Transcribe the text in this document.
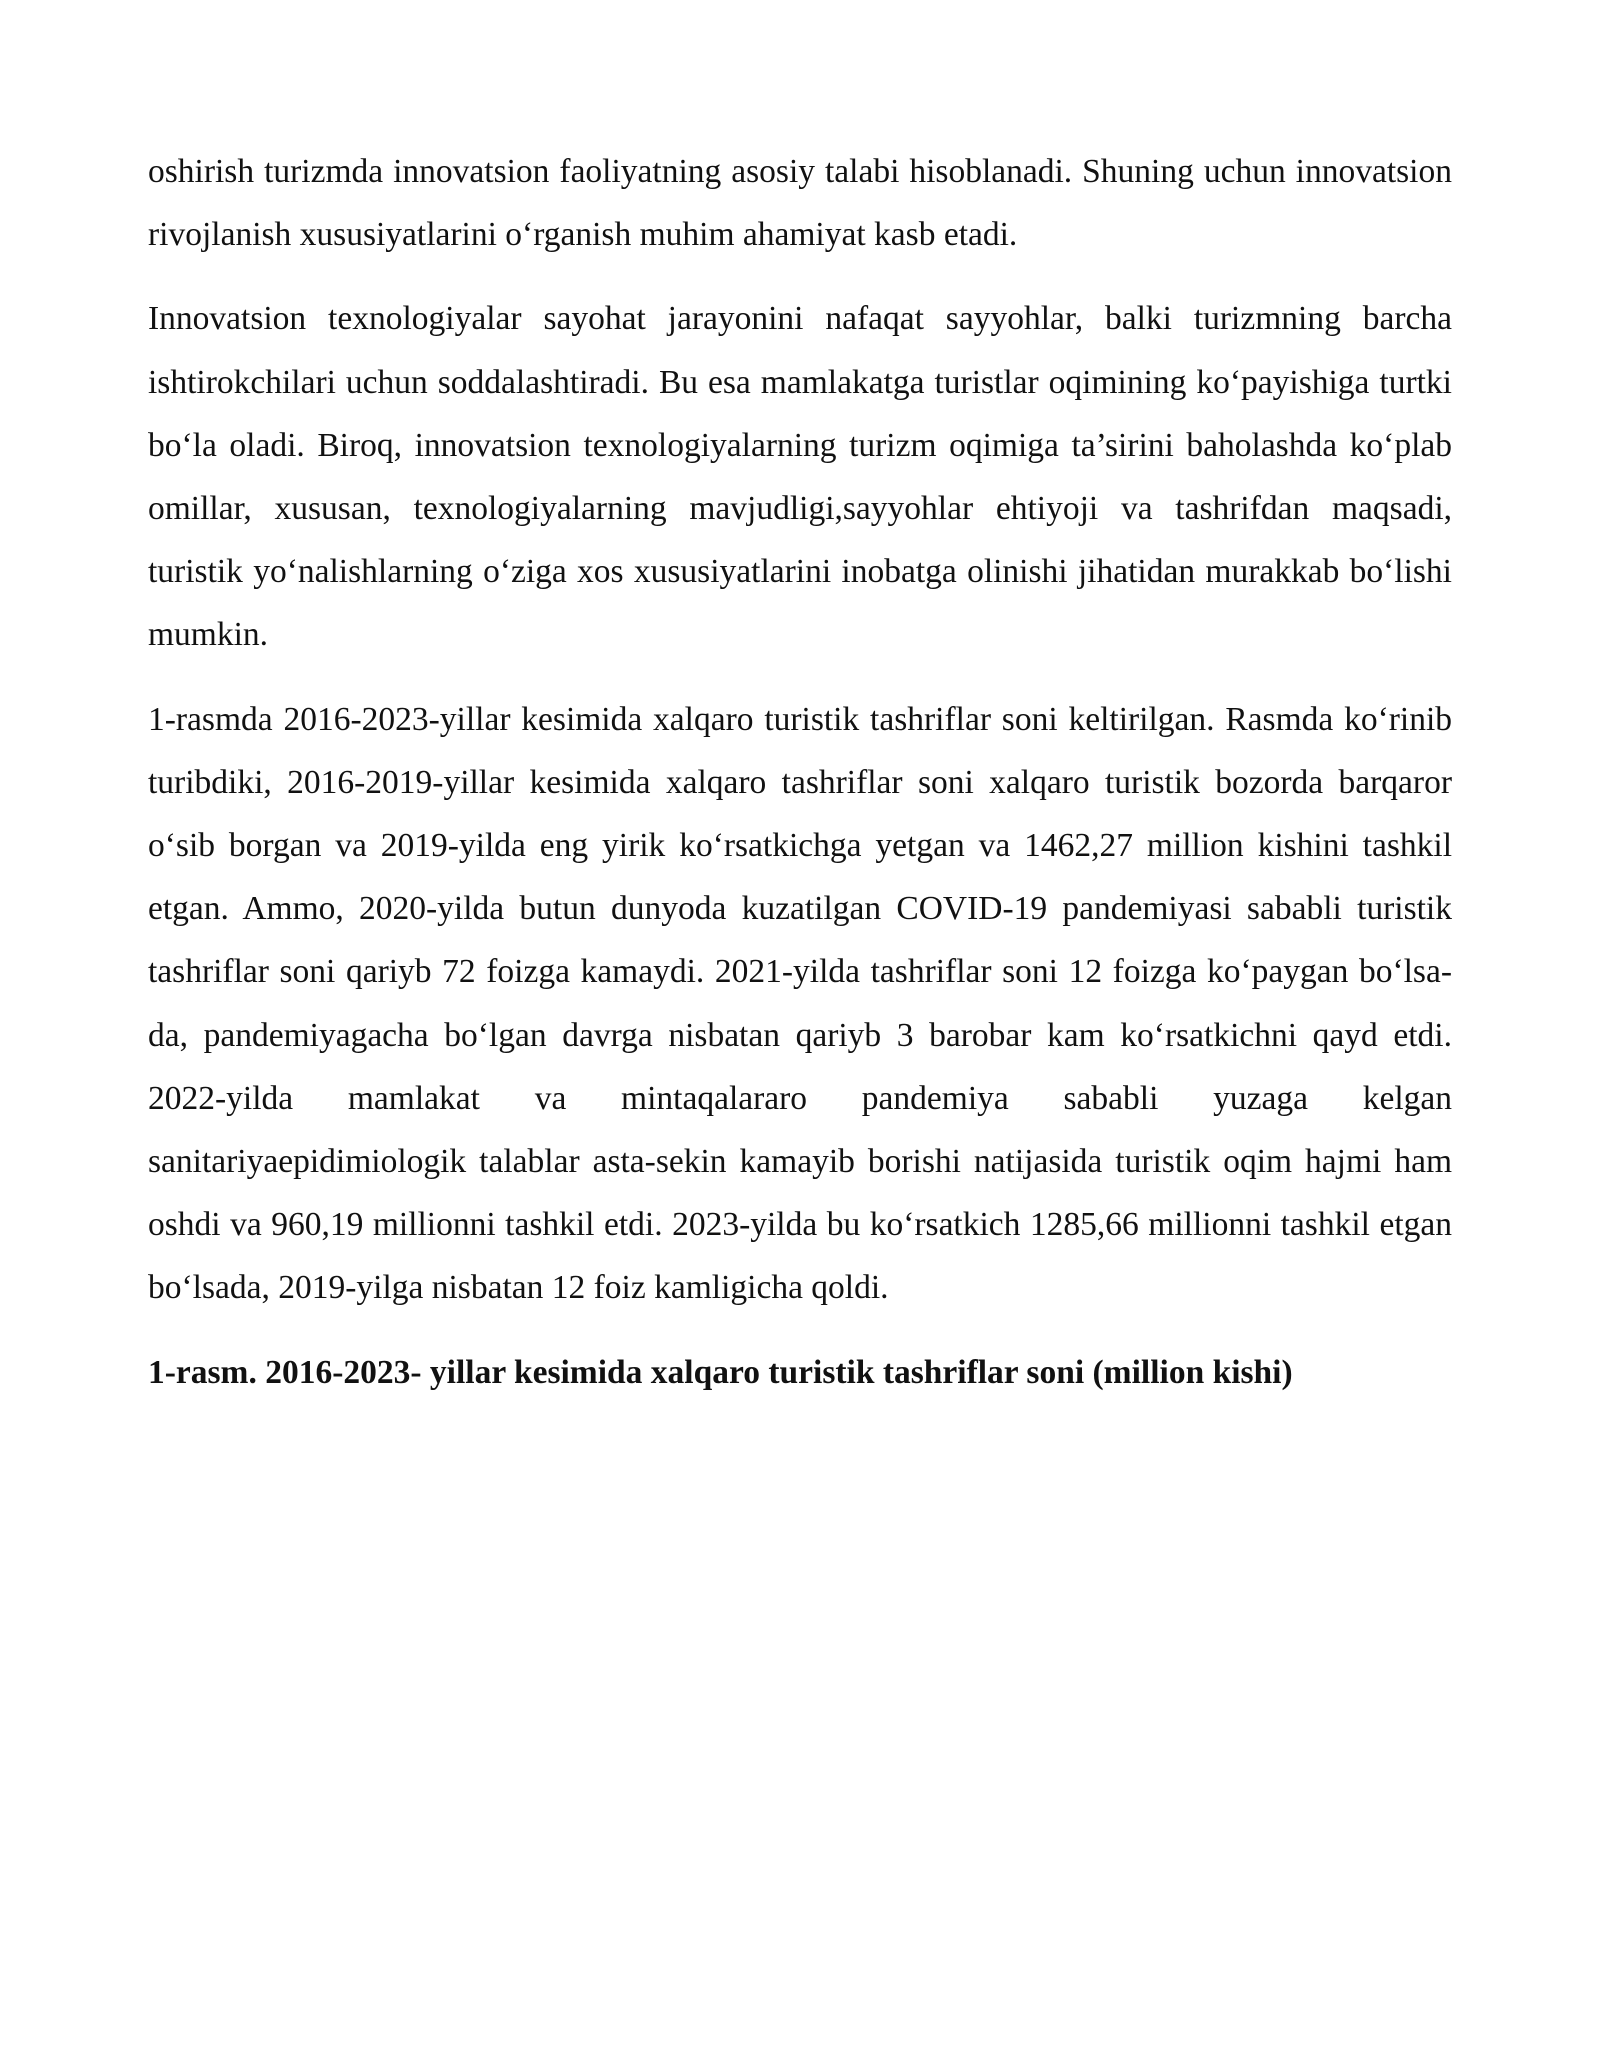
oshirish turizmda innovatsion faoliyatning asosiy talabi hisoblanadi. Shuning uchun innovatsion rivojlanish xususiyatlarini o‘rganish muhim ahamiyat kasb etadi.

Innovatsion texnologiyalar sayohat jarayonini nafaqat sayyohlar, balki turizmning barcha ishtirokchilari uchun soddalashtiradi. Bu esa mamlakatga turistlar oqimining ko‘payishiga turtki bo‘la oladi. Biroq, innovatsion texnologiyalarning turizm oqimiga ta’sirini baholashda ko‘plab omillar, xususan, texnologiyalarning mavjudligi,sayyohlar ehtiyoji va tashrifdan maqsadi, turistik yo‘nalishlarning o‘ziga xos xususiyatlarini inobatga olinishi jihatidan murakkab bo‘lishi mumkin.

1-rasmda 2016-2023-yillar kesimida xalqaro turistik tashriflar soni keltirilgan. Rasmda ko‘rinib turibdiki, 2016-2019-yillar kesimida xalqaro tashriflar soni xalqaro turistik bozorda barqaror o‘sib borgan va 2019-yilda eng yirik ko‘rsatkichga yetgan va 1462,27 million kishini tashkil etgan. Ammo, 2020-yilda butun dunyoda kuzatilgan COVID-19 pandemiyasi sababli turistik tashriflar soni qariyb 72 foizga kamaydi. 2021-yilda tashriflar soni 12 foizga ko‘paygan bo‘lsa-da, pandemiyagacha bo‘lgan davrga nisbatan qariyb 3 barobar kam ko‘rsatkichni qayd etdi. 2022-yilda mamlakat va mintaqalararo pandemiya sababli yuzaga kelgan sanitariyaepidimiologik talablar asta-sekin kamayib borishi natijasida turistik oqim hajmi ham oshdi va 960,19 millionni tashkil etdi. 2023-yilda bu ko‘rsatkich 1285,66 millionni tashkil etgan bo‘lsada, 2019-yilga nisbatan 12 foiz kamligicha qoldi.

1-rasm. 2016-2023- yillar kesimida xalqaro turistik tashriflar soni (million kishi)
